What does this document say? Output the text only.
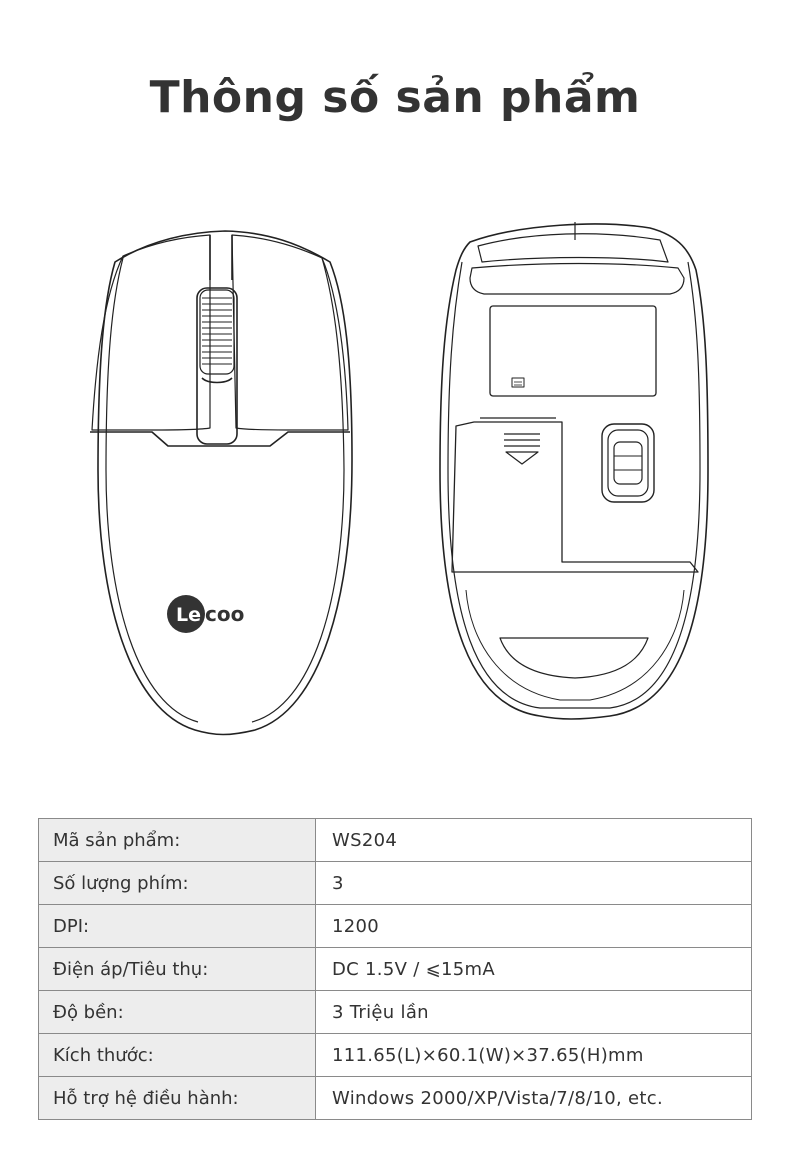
Thông số sản phẩm
Le coo
Mã sản phẩm:	WS204
Số lượng phím:	3
DPI:	1200
Điện áp/Tiêu thụ:	DC 1.5V / ⩽15mA
Độ bền:	3 Triệu lần
Kích thước:	111.65(L)×60.1(W)×37.65(H)mm
Hỗ trợ hệ điều hành:	Windows 2000/XP/Vista/7/8/10, etc.
